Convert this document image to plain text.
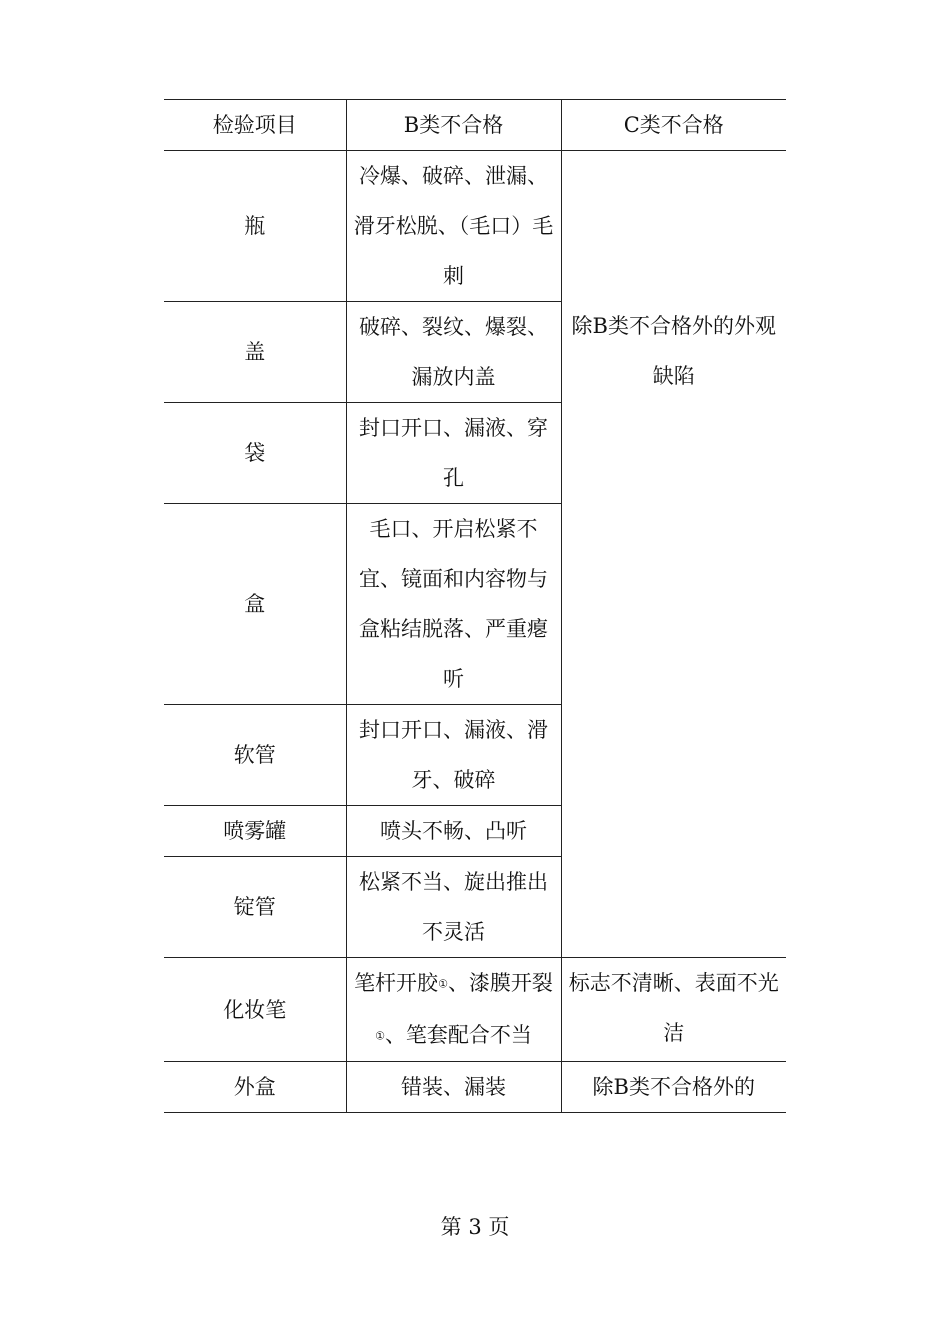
检验项目	B类不合格	C类不合格
瓶	冷爆、破碎、泄漏、滑牙松脱、（毛口）毛刺	除B类不合格外的外观缺陷
盖	破碎、裂纹、爆裂、漏放内盖	
袋	封口开口、漏液、穿孔	
盒	毛口、开启松紧不宜、镜面和内容物与盒粘结脱落、严重瘪听	
软管	封口开口、漏液、滑牙、破碎	
喷雾罐	喷头不畅、凸听	
锭管	松紧不当、旋出推出不灵活	
化妆笔	笔杆开胶①、漆膜开裂①、笔套配合不当	标志不清晰、表面不光洁
外盒	错装、漏装	除B类不合格外的
第 3 页
